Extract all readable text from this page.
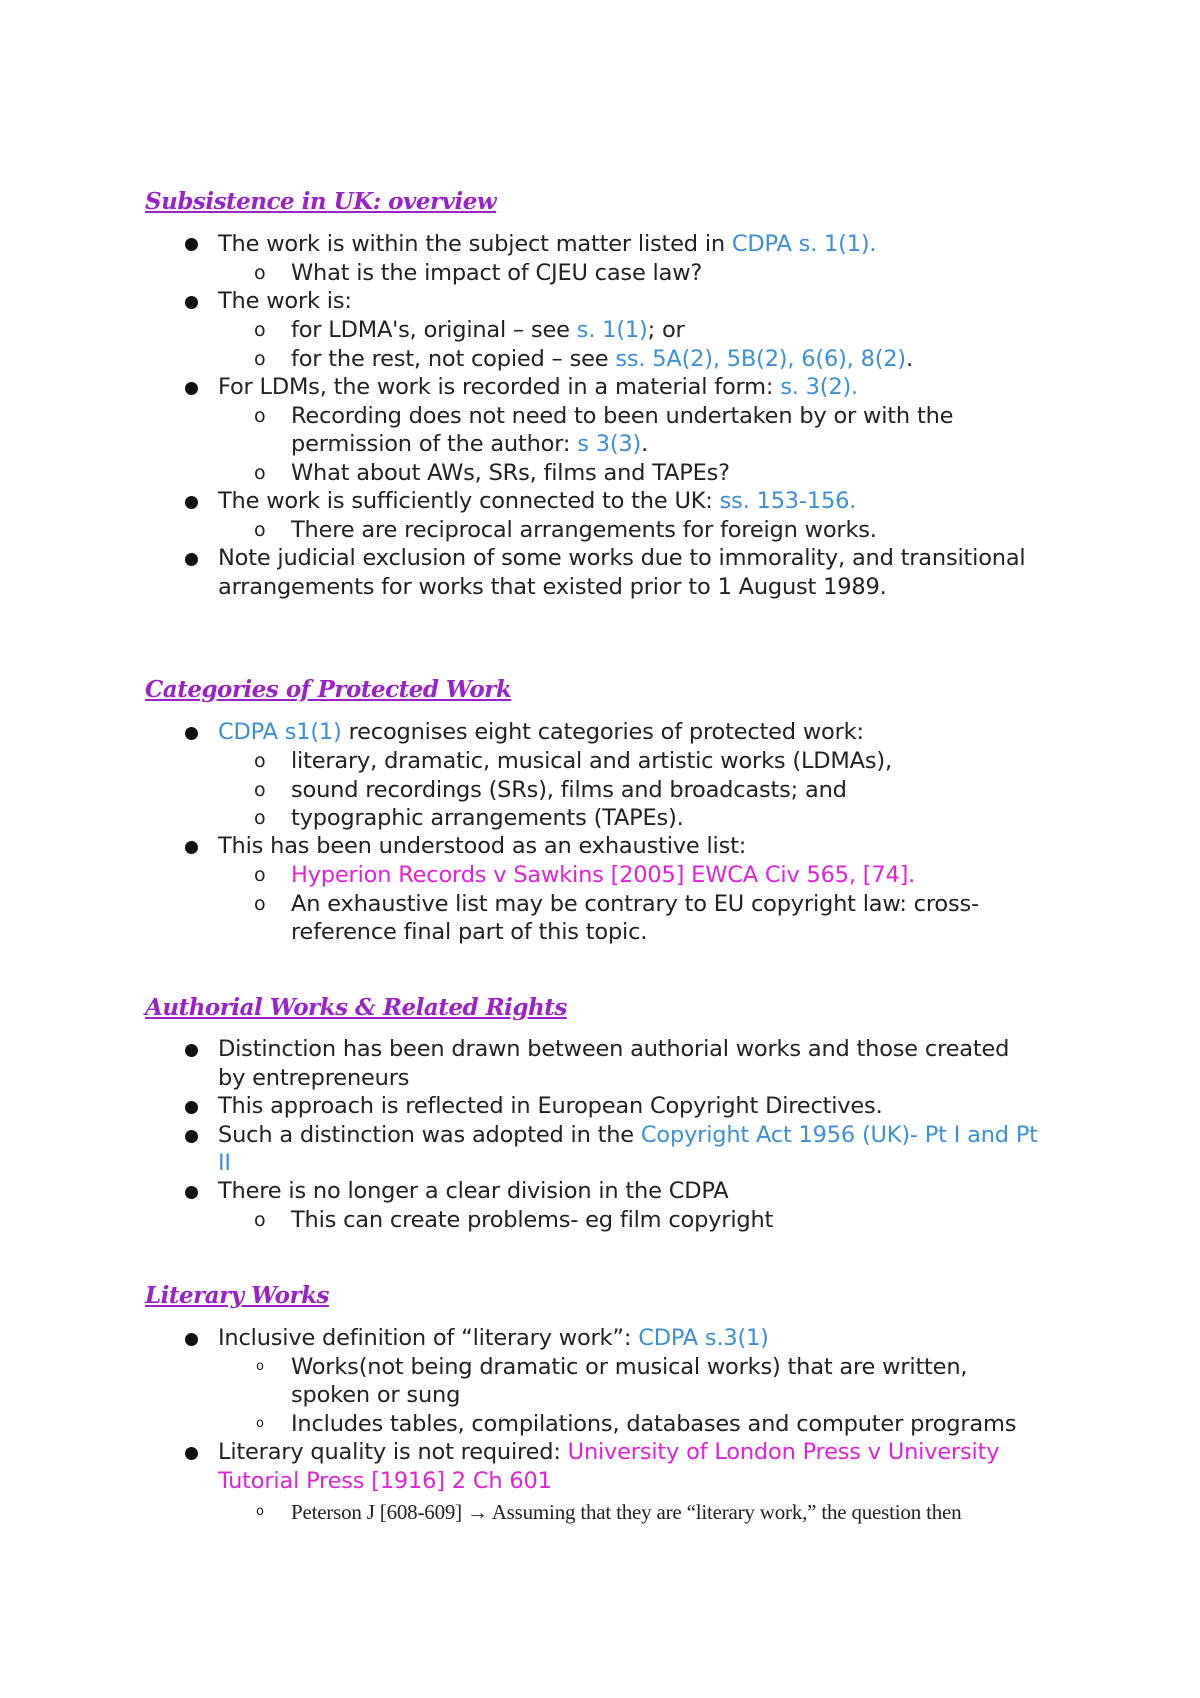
Subsistence in UK: overview
The work is within the subject matter listed in CDPA s. 1(1).
o What is the impact of CJEU case law?
The work is:
o for LDMA's, original – see s. 1(1); or
o for the rest, not copied – see ss. 5A(2), 5B(2), 6(6), 8(2).
For LDMs, the work is recorded in a material form: s. 3(2).
o Recording does not need to been undertaken by or with the
permission of the author: s 3(3).
o What about AWs, SRs, films and TAPEs?
The work is sufficiently connected to the UK: ss. 153-156.
o There are reciprocal arrangements for foreign works.
Note judicial exclusion of some works due to immorality, and transitional
arrangements for works that existed prior to 1 August 1989.
Categories of Protected Work
CDPA s1(1) recognises eight categories of protected work:
o literary, dramatic, musical and artistic works (LDMAs),
o sound recordings (SRs), films and broadcasts; and
o typographic arrangements (TAPEs).
This has been understood as an exhaustive list:
o Hyperion Records v Sawkins [2005] EWCA Civ 565, [74].
o An exhaustive list may be contrary to EU copyright law: cross-
reference final part of this topic.
Authorial Works & Related Rights
Distinction has been drawn between authorial works and those created
by entrepreneurs
This approach is reflected in European Copyright Directives.
Such a distinction was adopted in the Copyright Act 1956 (UK)- Pt I and Pt
II
There is no longer a clear division in the CDPA
o This can create problems- eg film copyright
Literary Works
Inclusive definition of “literary work”: CDPA s.3(1)
o Works(not being dramatic or musical works) that are written,
spoken or sung
o Includes tables, compilations, databases and computer programs
Literary quality is not required: University of London Press v University
Tutorial Press [1916] 2 Ch 601
o Peterson J [608-609] → Assuming that they are “literary work,” the question then
